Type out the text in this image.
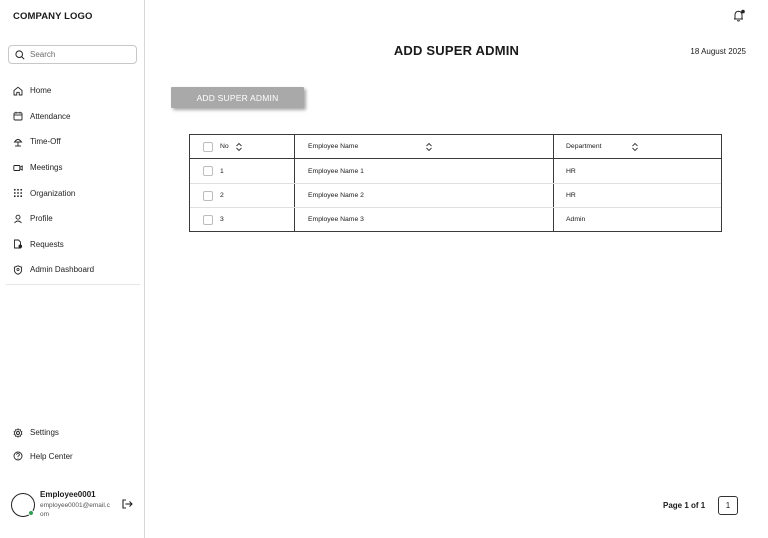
COMPANY LOGO
Search
Home
Attendance
Time-Off
Meetings
Organization
Profile
Requests
Admin Dashboard
Settings
Help Center
Employee0001
employee0001@email.com
ADD SUPER ADMIN	18 August 2025
ADD SUPER ADMIN
No	Employee Name	Department
1	Employee Name 1	HR
2	Employee Name 2	HR
3	Employee Name 3	Admin
Page 1 of 1	1
